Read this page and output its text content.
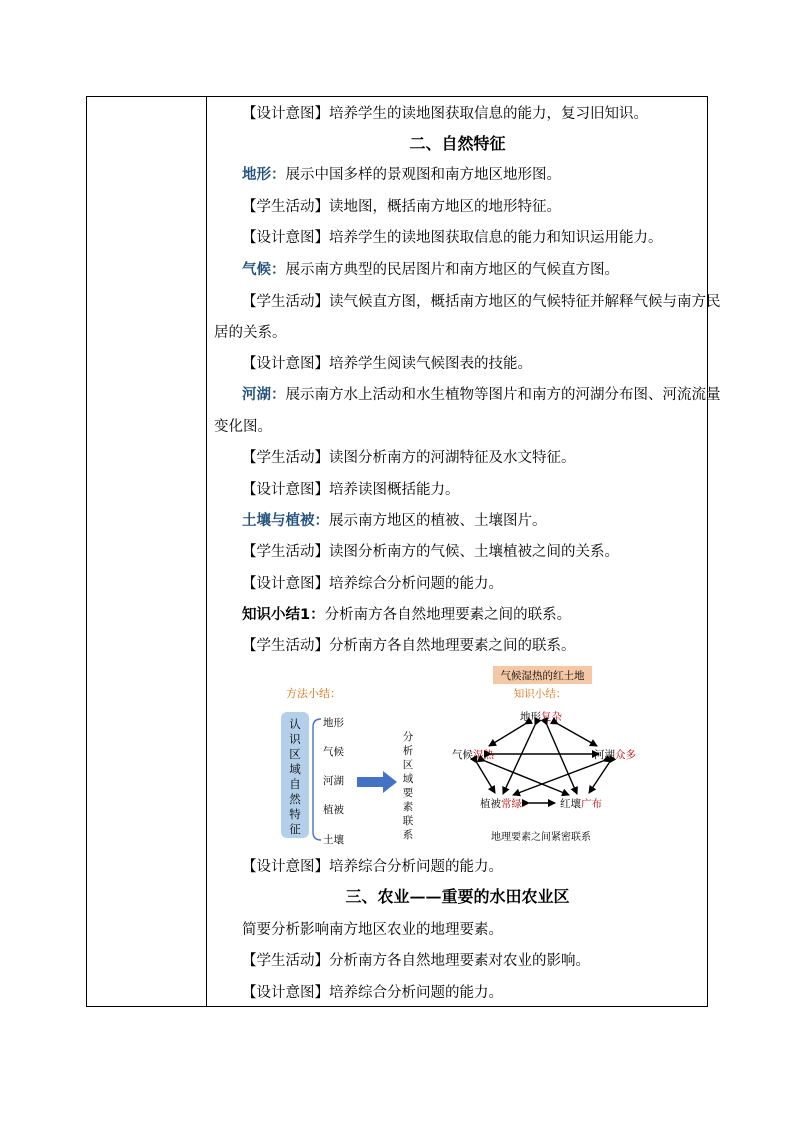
【设计意图】培养学生的读地图获取信息的能力，复习旧知识。
二、自然特征
地形：展示中国多样的景观图和南方地区地形图。
【学生活动】读地图，概括南方地区的地形特征。
【设计意图】培养学生的读地图获取信息的能力和知识运用能力。
气候：展示南方典型的民居图片和南方地区的气候直方图。
【学生活动】读气候直方图，概括南方地区的气候特征并解释气候与南方民
居的关系。
【设计意图】培养学生阅读气候图表的技能。
河湖：展示南方水上活动和水生植物等图片和南方的河湖分布图、河流流量
变化图。
【学生活动】读图分析南方的河湖特征及水文特征。
【设计意图】培养读图概括能力。
土壤与植被：展示南方地区的植被、土壤图片。
【学生活动】读图分析南方的气候、土壤植被之间的关系。
【设计意图】培养综合分析问题的能力。
知识小结1：分析南方各自然地理要素之间的联系。
【学生活动】分析南方各自然地理要素之间的联系。
方法小结：
认
识
区
域
自
然
特
征
地形
气候
河湖
植被
土壤
分
析
区
域
要
素
联
系
气候湿热的红土地
知识小结：
地形复杂
气候湿热	河湖众多
植被常绿	红壤广布
地理要素之间紧密联系
【设计意图】培养综合分析问题的能力。
三、农业——重要的水田农业区
简要分析影响南方地区农业的地理要素。
【学生活动】分析南方各自然地理要素对农业的影响。
【设计意图】培养综合分析问题的能力。
